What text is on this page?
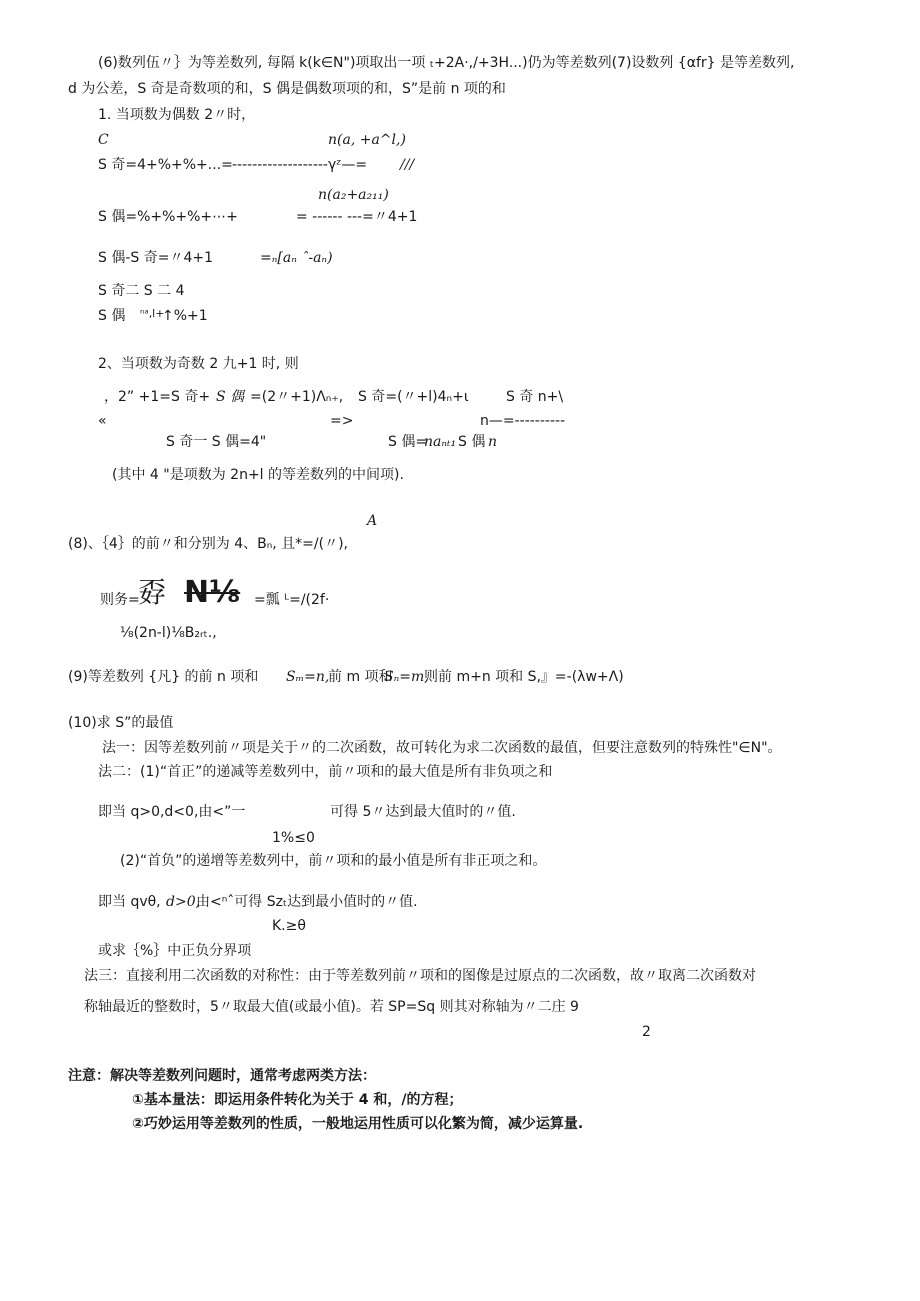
(6)数列伍〃｝为等差数列, 每隔 k(k∈N")项取出一项 ₜ+2A·,/+3H...)仍为等差数列(7)设数列 {αfr} 是等差数列,
d 为公差，S 奇是奇数项的和，S 偶是偶数项项的和，S”是前 n 项的和
1. 当项数为偶数 2〃时，
C	n(a, +a^l,)
S 奇=4+%+%+...= -------------------γᶻ—= ///
n(a₂+a₂₁₁)
S 偶=%+%+%+⋯+	= ------ ---=〃4+1
S 偶-S 奇=〃4+1	=ₙ[aₙ ˆ-aₙ)
S 奇二 S 二 4
S 偶 ⁿᵃ,l+
↑%+1
2、当项数为奇数 2 九+1 时, 则
，2” +1=S 奇+ S 偶 =(2〃+1)Λₙ₊, S 奇=(〃+l)4ₙ+ι	S 奇 n+\
«	=>	n—=----------
S 奇一 S 偶=4"	S 偶=
naₙₜ₁ S 偶 n
(其中 4 "是项数为 2n+l 的等差数列的中间项).
A
(8)、｛4｝的前〃和分别为 4、Bₙ, 且*=/(〃),
则务=
孬 N⅛ =瓢 ᴸ=/(2f·
⅛(2n-l)⅛B₂ᵣₜ.,
(9)等差数列 {凡} 的前 n 项和 Sₘ=n,
前 m 项和
Sₙ=m,
则前 m+n 项和 S,』=-(λw+Λ)
(10)求 S”的最值
法一：因等差数列前〃项是关于〃的二次函数，故可转化为求二次函数的最值，但要注意数列的特殊性"∈N"。
法二：(1)“首正”的递减等差数列中，前〃项和的最大值是所有非负项之和
即当 q>0,d<0,由<”一	可得 5〃达到最大值时的〃值.
1%≤0
(2)“首负”的递增等差数列中，前〃项和的最小值是所有非正项之和。
即当 qvθ, d>0,
由<ⁿˆ可得 Sᴢₜ达到最小值时的〃值.
K.≥θ
或求｛%｝中正负分界项
法三：直接利用二次函数的对称性：由于等差数列前〃项和的图像是过原点的二次函数，故〃取离二次函数对
称轴最近的整数时，5〃取最大值(或最小值)。若 SP=Sq 则其对称轴为〃二庄 9
2
注意：解决等差数列问题时，通常考虑两类方法：
①基本量法：即运用条件转化为关于 4 和，/的方程；
②巧妙运用等差数列的性质，一般地运用性质可以化繁为简，减少运算量.
